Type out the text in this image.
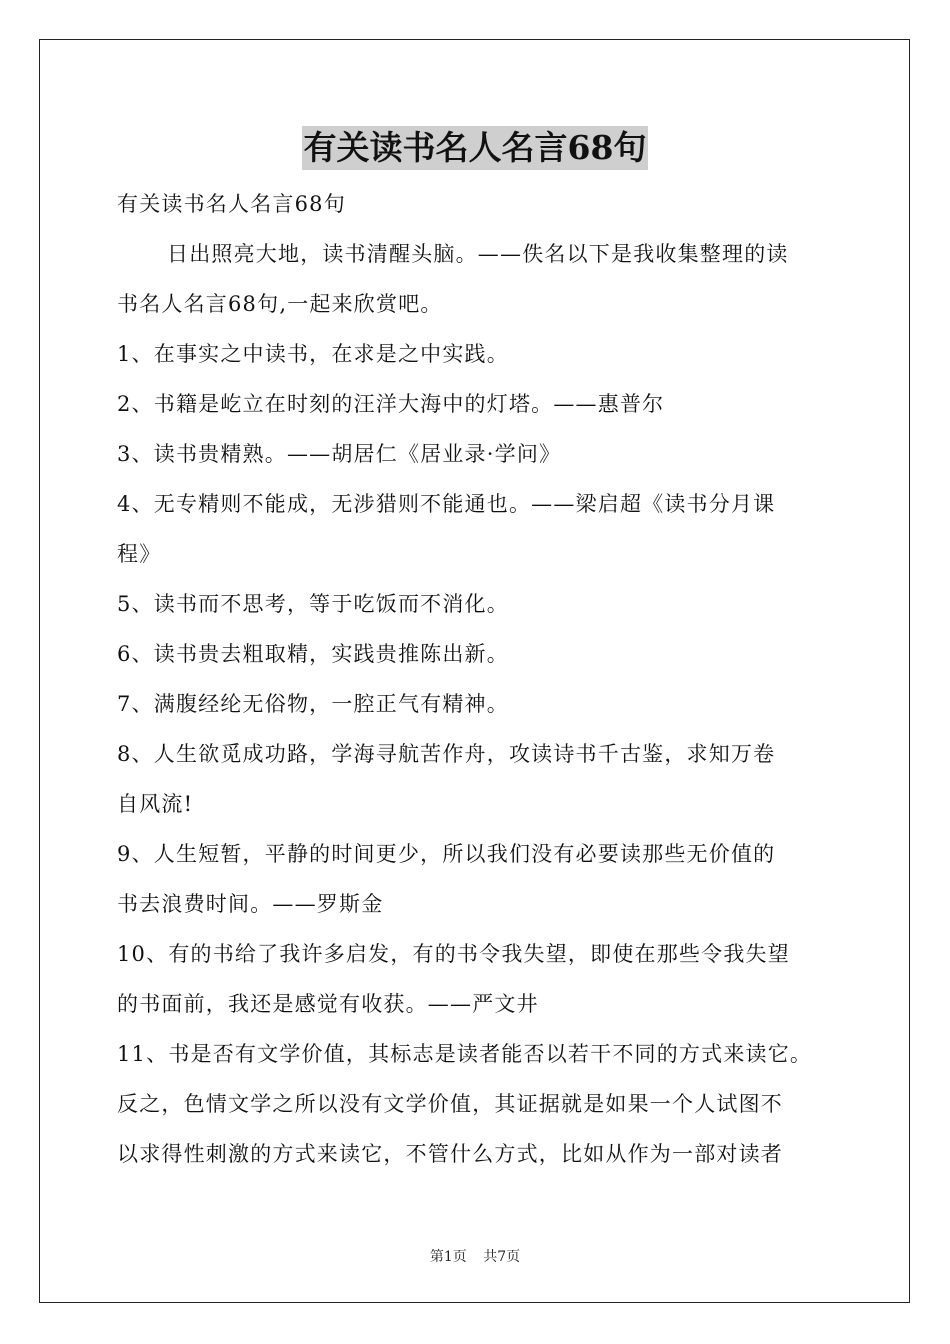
有关读书名人名言68句
有关读书名人名言68句
日出照亮大地，读书清醒头脑。——佚名以下是我收集整理的读
书名人名言68句,一起来欣赏吧。
1、在事实之中读书，在求是之中实践。
2、书籍是屹立在时刻的汪洋大海中的灯塔。——惠普尔
3、读书贵精熟。——胡居仁《居业录·学问》
4、无专精则不能成，无涉猎则不能通也。——梁启超《读书分月课
程》
5、读书而不思考，等于吃饭而不消化。
6、读书贵去粗取精，实践贵推陈出新。
7、满腹经纶无俗物，一腔正气有精神。
8、人生欲觅成功路，学海寻航苦作舟，攻读诗书千古鉴，求知万卷
自风流!
9、人生短暂，平静的时间更少，所以我们没有必要读那些无价值的
书去浪费时间。——罗斯金
10、有的书给了我许多启发，有的书令我失望，即使在那些令我失望
的书面前，我还是感觉有收获。——严文井
11、书是否有文学价值，其标志是读者能否以若干不同的方式来读它。
反之，色情文学之所以没有文学价值，其证据就是如果一个人试图不
以求得性刺激的方式来读它，不管什么方式，比如从作为一部对读者
第1页 共7页
